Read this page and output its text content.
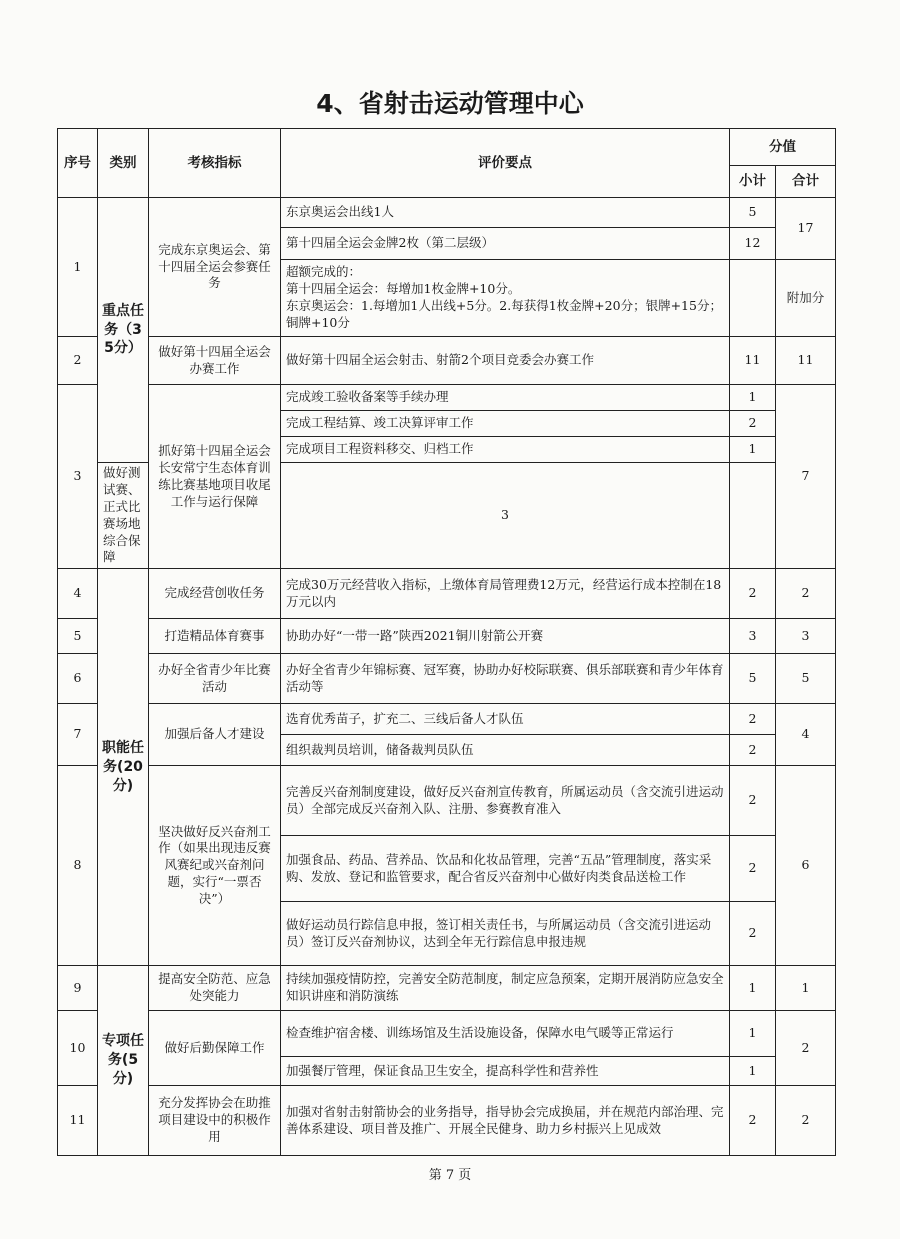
4、省射击运动管理中心
序号	类别	考核指标	评价要点	分值	
				小计	合计
1	重点任务（35分）	完成东京奥运会、第十四届全运会参赛任务	东京奥运会出线1人	5	17
			第十四届全运会金牌2枚（第二层级）	12	
			超额完成的：
第十四届全运会：每增加1枚金牌+10分。
东京奥运会：1.每增加1人出线+5分。2.每获得1枚金牌+20分；银牌+15分；铜牌+10分		附加分
2		做好第十四届全运会办赛工作	做好第十四届全运会射击、射箭2个项目竞委会办赛工作	11	11
3		抓好第十四届全运会长安常宁生态体育训练比赛基地项目收尾工作与运行保障	完成竣工验收备案等手续办理	1	7
			完成工程结算、竣工决算评审工作	2	
			完成项目工程资料移交、归档工作	1	
	做好测试赛、正式比赛场地综合保障		3		
4	职能任务(20分)	完成经营创收任务	完成30万元经营收入指标，上缴体育局管理费12万元，经营运行成本控制在18万元以内	2	2
5		打造精品体育赛事	协助办好“一带一路”陕西2021铜川射箭公开赛	3	3
6		办好全省青少年比赛活动	办好全省青少年锦标赛、冠军赛，协助办好校际联赛、俱乐部联赛和青少年体育活动等	5	5
7		加强后备人才建设	选育优秀苗子，扩充二、三线后备人才队伍	2	4
			组织裁判员培训，储备裁判员队伍	2	
8		坚决做好反兴奋剂工作（如果出现违反赛风赛纪或兴奋剂问题，实行“一票否决”）	完善反兴奋剂制度建设，做好反兴奋剂宣传教育，所属运动员（含交流引进运动员）全部完成反兴奋剂入队、注册、参赛教育准入	2	6
			加强食品、药品、营养品、饮品和化妆品管理，完善“五品”管理制度，落实采购、发放、登记和监管要求，配合省反兴奋剂中心做好肉类食品送检工作	2	
			做好运动员行踪信息申报，签订相关责任书，与所属运动员（含交流引进运动员）签订反兴奋剂协议，达到全年无行踪信息申报违规	2	
9	专项任务(5分)	提高安全防范、应急处突能力	持续加强疫情防控，完善安全防范制度，制定应急预案，定期开展消防应急安全知识讲座和消防演练	1	1
10		做好后勤保障工作	检查维护宿舍楼、训练场馆及生活设施设备，保障水电气暖等正常运行	1	2
			加强餐厅管理，保证食品卫生安全，提高科学性和营养性	1	
11		充分发挥协会在助推项目建设中的积极作用	加强对省射击射箭协会的业务指导，指导协会完成换届，并在规范内部治理、完善体系建设、项目普及推广、开展全民健身、助力乡村振兴上见成效	2	2
第 7 页
